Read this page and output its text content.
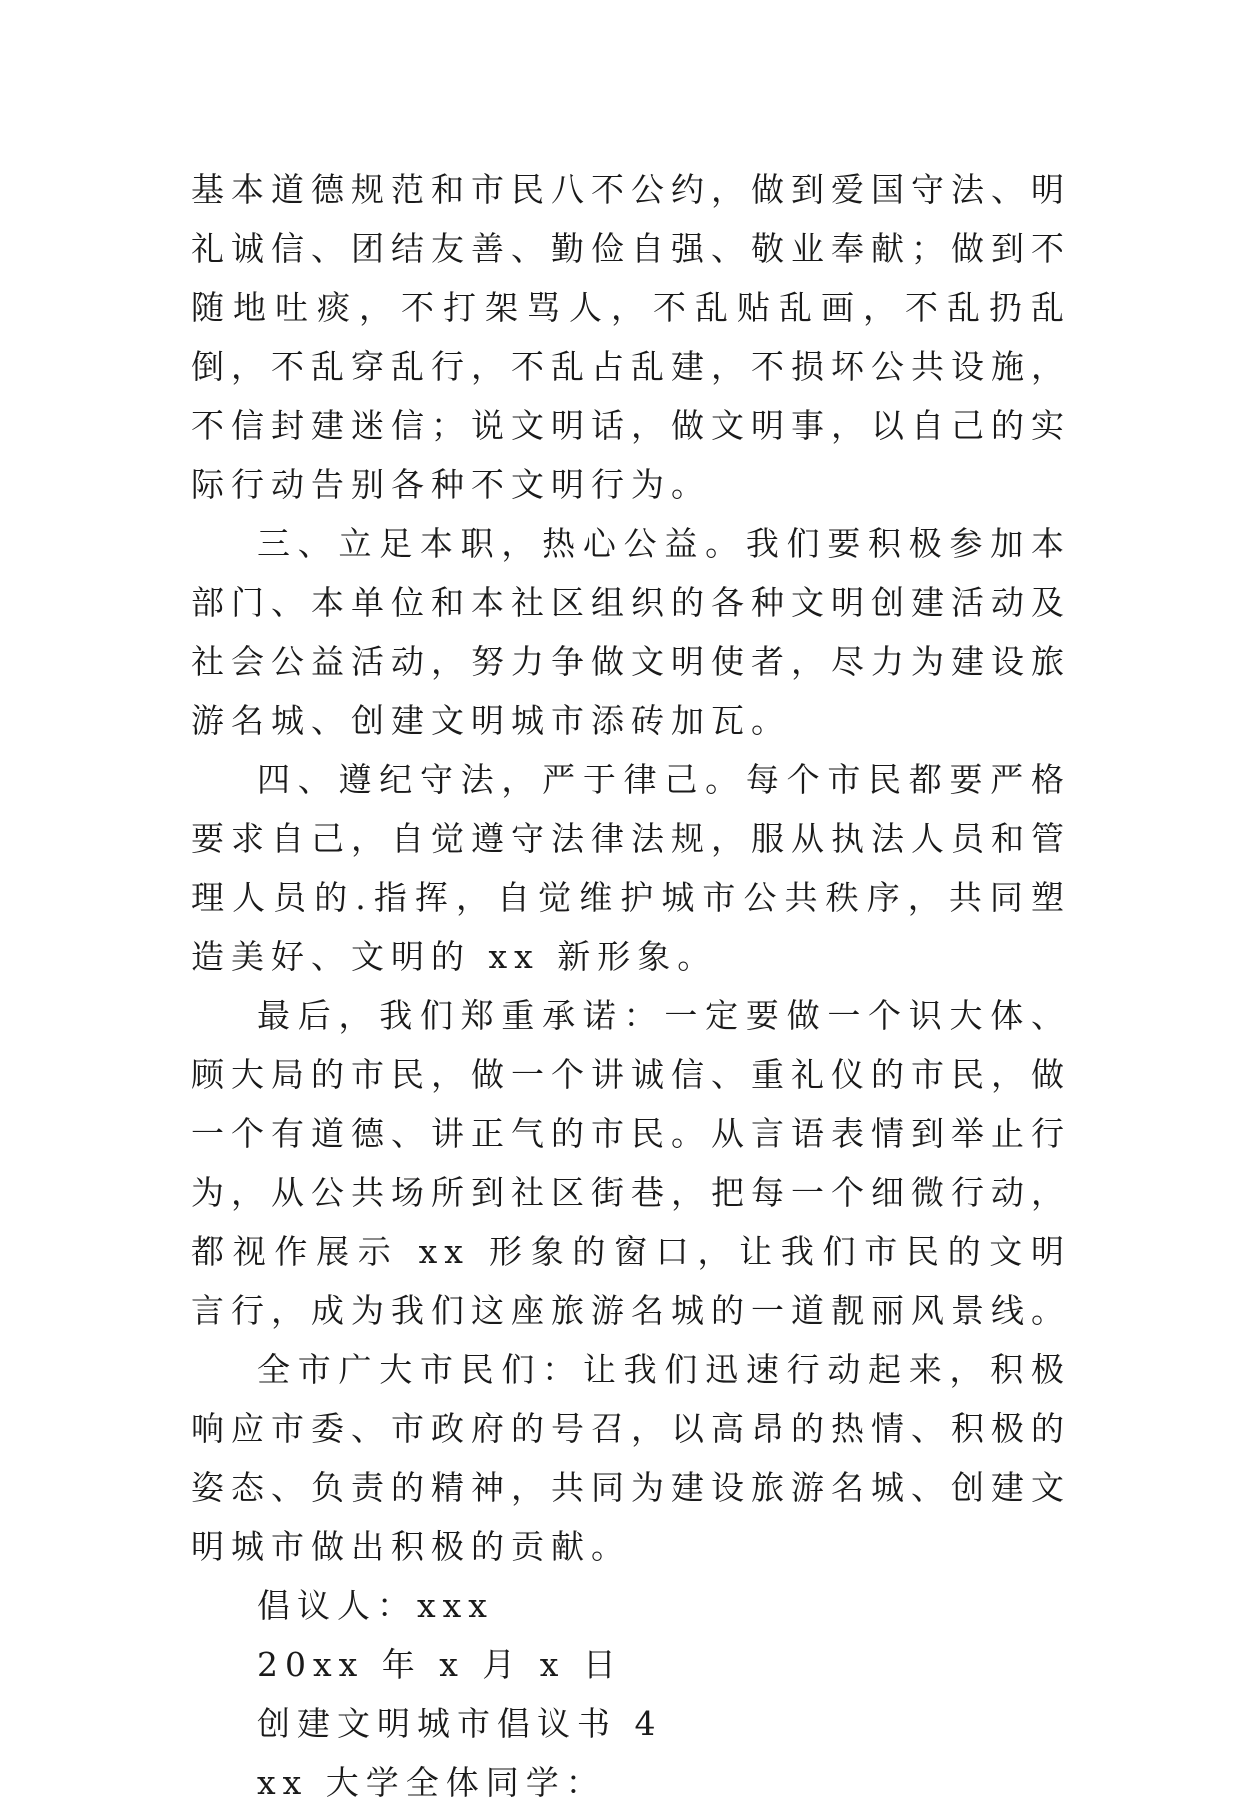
基本道德规范和市民八不公约，做到爱国守法、明礼诚信、团结友善、勤俭自强、敬业奉献；做到不随地吐痰，不打架骂人，不乱贴乱画，不乱扔乱倒，不乱穿乱行，不乱占乱建，不损坏公共设施，不信封建迷信；说文明话，做文明事，以自己的实际行动告别各种不文明行为。

三、立足本职，热心公益。我们要积极参加本部门、本单位和本社区组织的各种文明创建活动及社会公益活动，努力争做文明使者，尽力为建设旅游名城、创建文明城市添砖加瓦。

四、遵纪守法，严于律己。每个市民都要严格要求自己，自觉遵守法律法规，服从执法人员和管理人员的.指挥，自觉维护城市公共秩序，共同塑造美好、文明的 xx 新形象。

最后，我们郑重承诺：一定要做一个识大体、顾大局的市民，做一个讲诚信、重礼仪的市民，做一个有道德、讲正气的市民。从言语表情到举止行为，从公共场所到社区街巷，把每一个细微行动，都视作展示 xx 形象的窗口，让我们市民的文明言行，成为我们这座旅游名城的一道靓丽风景线。

全市广大市民们：让我们迅速行动起来，积极响应市委、市政府的号召，以高昂的热情、积极的姿态、负责的精神，共同为建设旅游名城、创建文明城市做出积极的贡献。

倡议人：xxx

20xx 年 x 月 x 日

创建文明城市倡议书 4

xx 大学全体同学：
